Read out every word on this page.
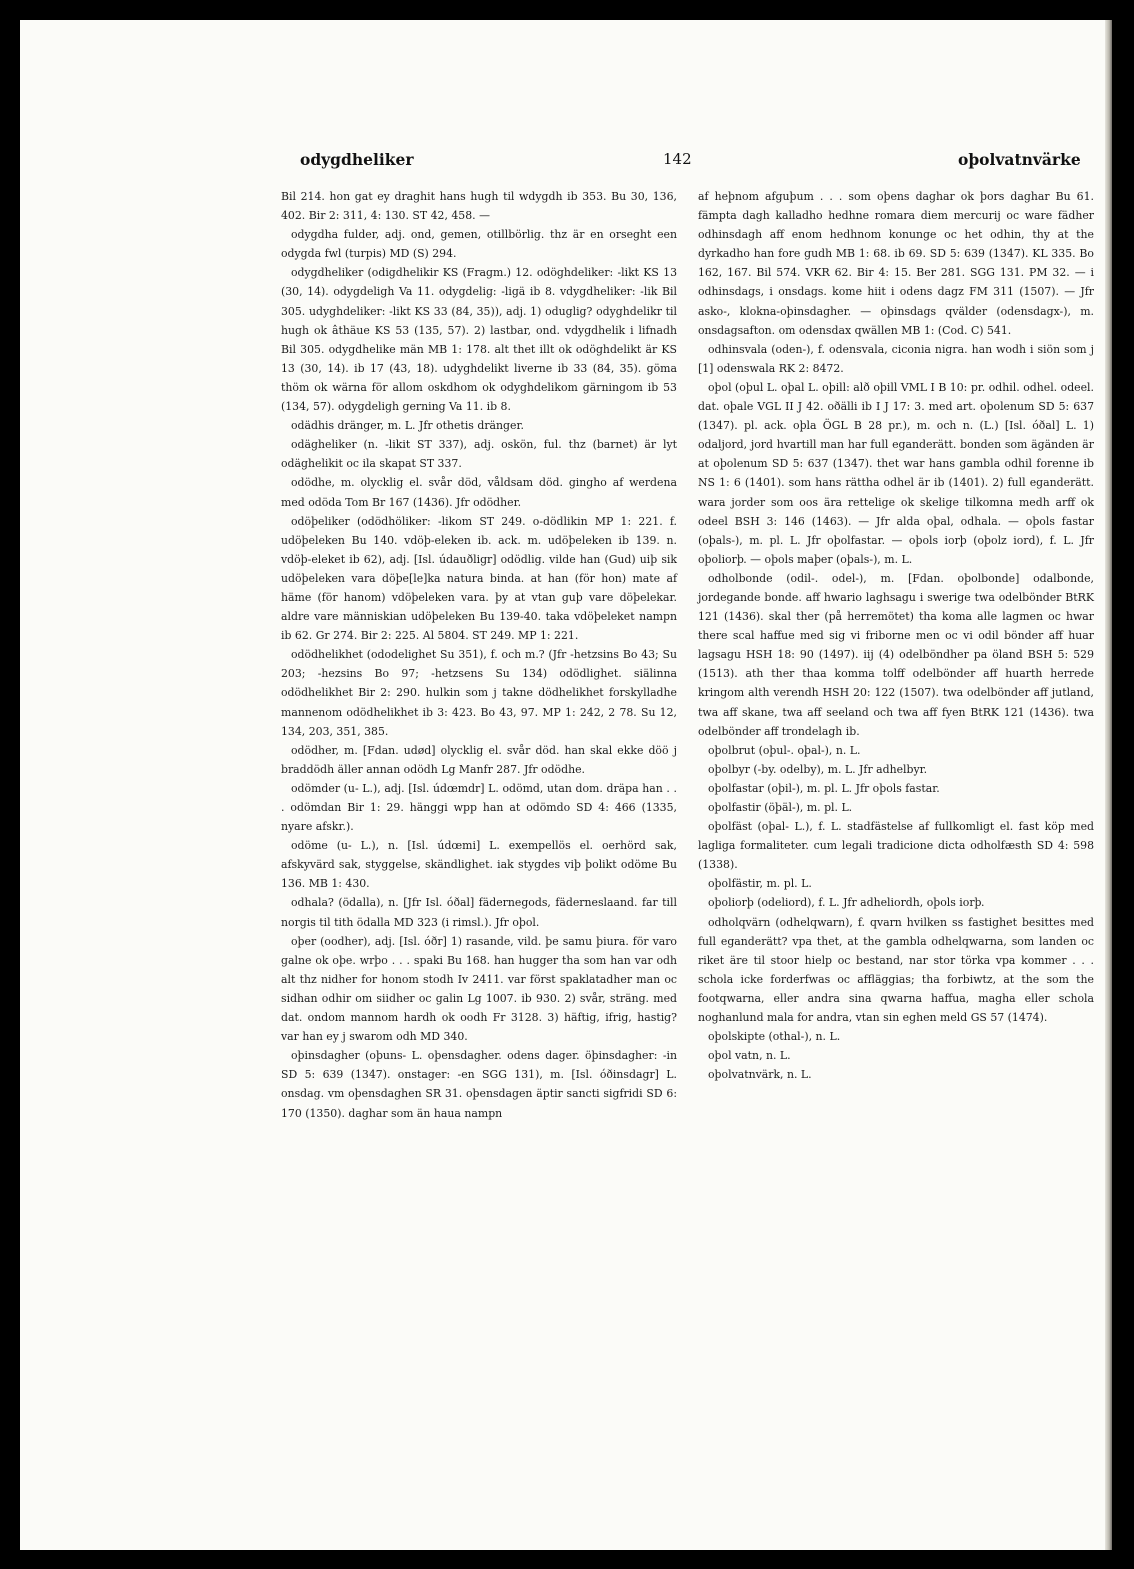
odygdheliker	142	oþolvatnvärke

Bil 214. hon gat ey draghit hans hugh til wdygdh ib 353. Bu 30, 136, 402. Bir 2: 311, 4: 130. ST 42, 458. —

odygdha fulder, adj. ond, gemen, otillbörlig. thz är en orseght een odygda fwl (turpis) MD (S) 294.

odygdheliker (odigdhelikir KS (Fragm.) 12. odöghdeliker: -likt KS 13 (30, 14). odygdeligh Va 11. odygdelig: -ligä ib 8. vdygdheliker: -lik Bil 305. udyghdeliker: -likt KS 33 (84, 35)), adj. 1) oduglig? odyghdelikr til hugh ok âthäue KS 53 (135, 57). 2) lastbar, ond. vdygdhelik i lifnadh Bil 305. odygdhelike män MB 1: 178. alt thet illt ok odöghdelikt är KS 13 (30, 14). ib 17 (43, 18). udyghdelikt liverne ib 33 (84, 35). göma thöm ok wärna för allom oskdhom ok odyghdelikom gärningom ib 53 (134, 57). odygdeligh gerning Va 11. ib 8.

odädhis dränger, m. L. Jfr othetis dränger.

odägheliker (n. -likit ST 337), adj. oskön, ful. thz (barnet) är lyt odäghelikit oc ila skapat ST 337.

odödhe, m. olycklig el. svår död, våldsam död. gingho af werdena med odöda Tom Br 167 (1436). Jfr odödher.

odöþeliker (odödhöliker: -likom ST 249. o-dödlikin MP 1: 221. f. udöþeleken Bu 140. vdöþ-eleken ib. ack. m. udöþeleken ib 139. n. vdöþ-eleket ib 62), adj. [Isl. údauðligr] odödlig. vilde han (Gud) uiþ sik udöþeleken vara döþe[le]ka natura binda. at han (för hon) mate af häme (för hanom) vdöþeleken vara. þy at vtan guþ vare döþelekar. aldre vare människian udöþeleken Bu 139-40. taka vdöþeleket nampn ib 62. Gr 274. Bir 2: 225. Al 5804. ST 249. MP 1: 221.

odödhelikhet (ododelighet Su 351), f. och m.? (Jfr -hetzsins Bo 43; Su 203; -hezsins Bo 97; -hetzsens Su 134) odödlighet. siälinna odödhelikhet Bir 2: 290. hulkin som j takne dödhelikhet forskylladhe mannenom odödhelikhet ib 3: 423. Bo 43, 97. MP 1: 242, 2 78. Su 12, 134, 203, 351, 385.

odödher, m. [Fdan. udød] olycklig el. svår död. han skal ekke döö j braddödh äller annan odödh Lg Manfr 287. Jfr odödhe.

odömder (u- L.), adj. [Isl. údœmdr] L. odömd, utan dom. dräpa han . . . odömdan Bir 1: 29. hänggi wpp han at odömdo SD 4: 466 (1335, nyare afskr.).

odöme (u- L.), n. [Isl. údœmi] L. exempellös el. oerhörd sak, afskyvärd sak, styggelse, skändlighet. iak stygdes viþ þolikt odöme Bu 136. MB 1: 430.

odhala? (ödalla), n. [Jfr Isl. óðal] fädernegods, fäderneslaand. far till norgis til tith ödalla MD 323 (i rimsl.). Jfr oþol.

oþer (oodher), adj. [Isl. óðr] 1) rasande, vild. þe samu þiura. för varo galne ok oþe. wrþo . . . spaki Bu 168. han hugger tha som han var odh alt thz nidher for honom stodh Iv 2411. var först spaklatadher man oc sidhan odhir om siidher oc galin Lg 1007. ib 930. 2) svår, sträng. med dat. ondom mannom hardh ok oodh Fr 3128. 3) häftig, ifrig, hastig? var han ey j swarom odh MD 340.

oþinsdagher (oþuns- L. oþensdagher. odens dager. öþinsdagher: -in SD 5: 639 (1347). onstager: -en SGG 131), m. [Isl. óðinsdagr] L. onsdag. vm oþensdaghen SR 31. oþensdagen äptir sancti sigfridi SD 6: 170 (1350). daghar som än haua nampn

af heþnom afguþum . . . som oþens daghar ok þors daghar Bu 61. fämpta dagh kalladho hedhne romara diem mercurij oc ware fädher odhinsdagh aff enom hedhnom konunge oc het odhin, thy at the dyrkadho han fore gudh MB 1: 68. ib 69. SD 5: 639 (1347). KL 335. Bo 162, 167. Bil 574. VKR 62. Bir 4: 15. Ber 281. SGG 131. PM 32. — i odhinsdags, i onsdags. kome hiit i odens dagz FM 311 (1507). — Jfr asko-, klokna-oþinsdagher. — oþinsdags qvälder (odensdagx-), m. onsdagsafton. om odensdax qwällen MB 1: (Cod. C) 541.

odhinsvala (oden-), f. odensvala, ciconia nigra. han wodh i siön som j [1] odenswala RK 2: 8472.

oþol (oþul L. oþal L. oþill: alð oþill VML I B 10: pr. odhil. odhel. odeel. dat. oþale VGL II J 42. oðälli ib I J 17: 3. med art. oþolenum SD 5: 637 (1347). pl. ack. oþla ÖGL B 28 pr.), m. och n. (L.) [Isl. óðal] L. 1) odaljord, jord hvartill man har full eganderätt. bonden som ägänden är at oþolenum SD 5: 637 (1347). thet war hans gambla odhil forenne ib NS 1: 6 (1401). som hans rättha odhel är ib (1401). 2) full eganderätt. wara jorder som oos ära rettelige ok skelige tilkomna medh arff ok odeel BSH 3: 146 (1463). — Jfr alda oþal, odhala. — oþols fastar (oþals-), m. pl. L. Jfr oþolfastar. — oþols iorþ (oþolz iord), f. L. Jfr oþoliorþ. — oþols maþer (oþals-), m. L.

odholbonde (odil-. odel-), m. [Fdan. oþolbonde] odalbonde, jordegande bonde. aff hwario laghsagu i swerige twa odelbönder BtRK 121 (1436). skal ther (på herremötet) tha koma alle lagmen oc hwar there scal haffue med sig vi friborne men oc vi odil bönder aff huar lagsagu HSH 18: 90 (1497). iij (4) odelböndher pa öland BSH 5: 529 (1513). ath ther thaa komma tolff odelbönder aff huarth herrede kringom alth verendh HSH 20: 122 (1507). twa odelbönder aff jutland, twa aff skane, twa aff seeland och twa aff fyen BtRK 121 (1436). twa odelbönder aff trondelagh ib.

oþolbrut (oþul-. oþal-), n. L.

oþolbyr (-by. odelby), m. L. Jfr adhelbyr.

oþolfastar (oþil-), m. pl. L. Jfr oþols fastar.

oþolfastir (öþäl-), m. pl. L.

oþolfäst (oþal- L.), f. L. stadfästelse af fullkomligt el. fast köp med lagliga formaliteter. cum legali tradicione dicta odholfæsth SD 4: 598 (1338).

oþolfästir, m. pl. L.

oþoliorþ (odeliord), f. L. Jfr adheliordh, oþols iorþ.

odholqvärn (odhelqwarn), f. qvarn hvilken ss fastighet besittes med full eganderätt? vpa thet, at the gambla odhelqwarna, som landen oc riket äre til stoor hielp oc bestand, nar stor törka vpa kommer . . . schola icke forderfwas oc affläggias; tha forbiwtz, at the som the footqwarna, eller andra sina qwarna haffua, magha eller schola noghanlund mala for andra, vtan sin eghen meld GS 57 (1474).

oþolskipte (othal-), n. L.

oþol vatn, n. L.

oþolvatnvärk, n. L.
